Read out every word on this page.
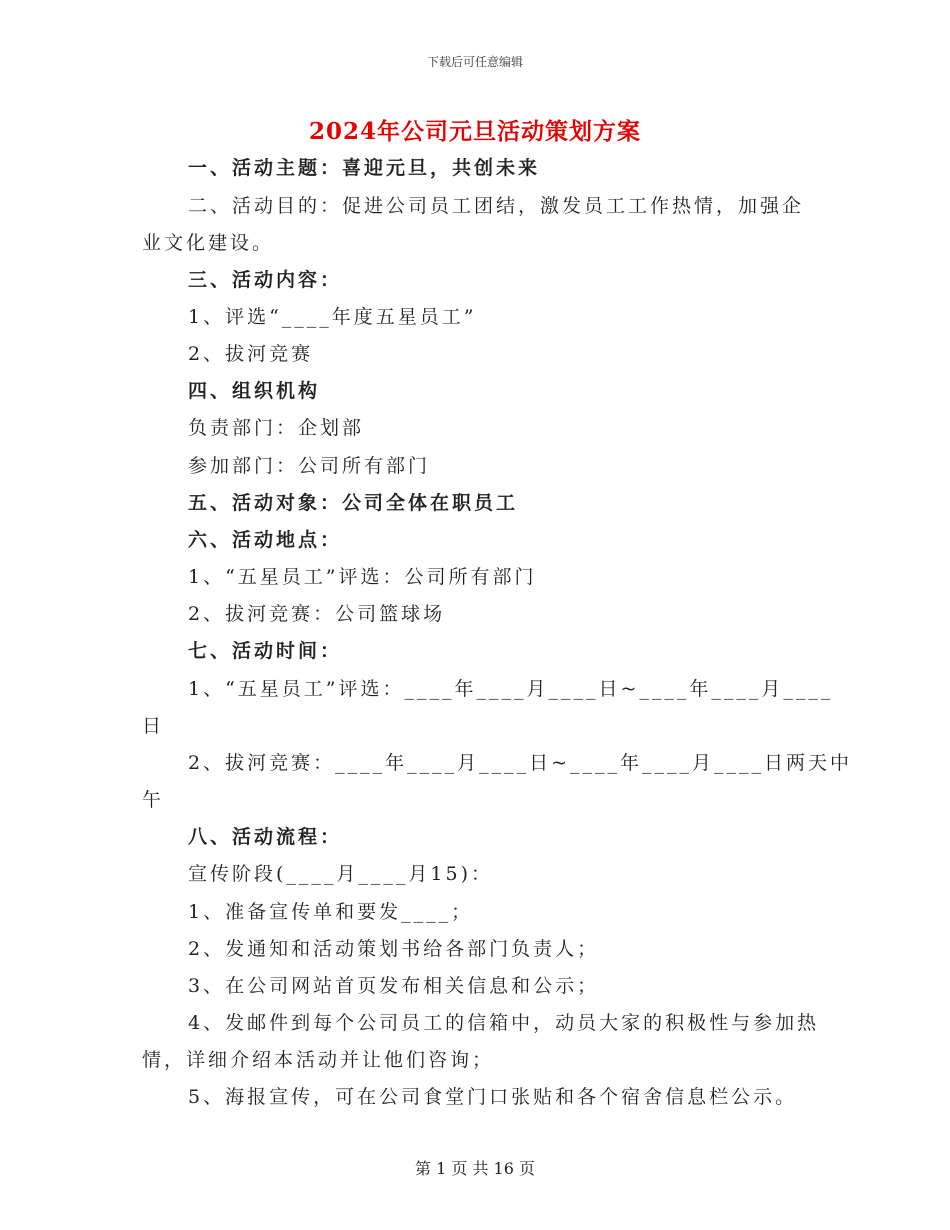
下载后可任意编辑
2024年公司元旦活动策划方案
一、活动主题：喜迎元旦，共创未来
二、活动目的：促进公司员工团结，激发员工工作热情，加强企
业文化建设。
三、活动内容：
1、评选“____年度五星员工”
2、拔河竞赛
四、组织机构
负责部门：企划部
参加部门：公司所有部门
五、活动对象：公司全体在职员工
六、活动地点：
1、“五星员工”评选：公司所有部门
2、拔河竞赛：公司篮球场
七、活动时间：
1、“五星员工”评选：____年____月____日~____年____月____
日
2、拔河竞赛：____年____月____日~____年____月____日两天中
午
八、活动流程：
宣传阶段(____月____月15)：
1、准备宣传单和要发____；
2、发通知和活动策划书给各部门负责人；
3、在公司网站首页发布相关信息和公示；
4、发邮件到每个公司员工的信箱中，动员大家的积极性与参加热
情，详细介绍本活动并让他们咨询；
5、海报宣传，可在公司食堂门口张贴和各个宿舍信息栏公示。
第 1 页 共 16 页
